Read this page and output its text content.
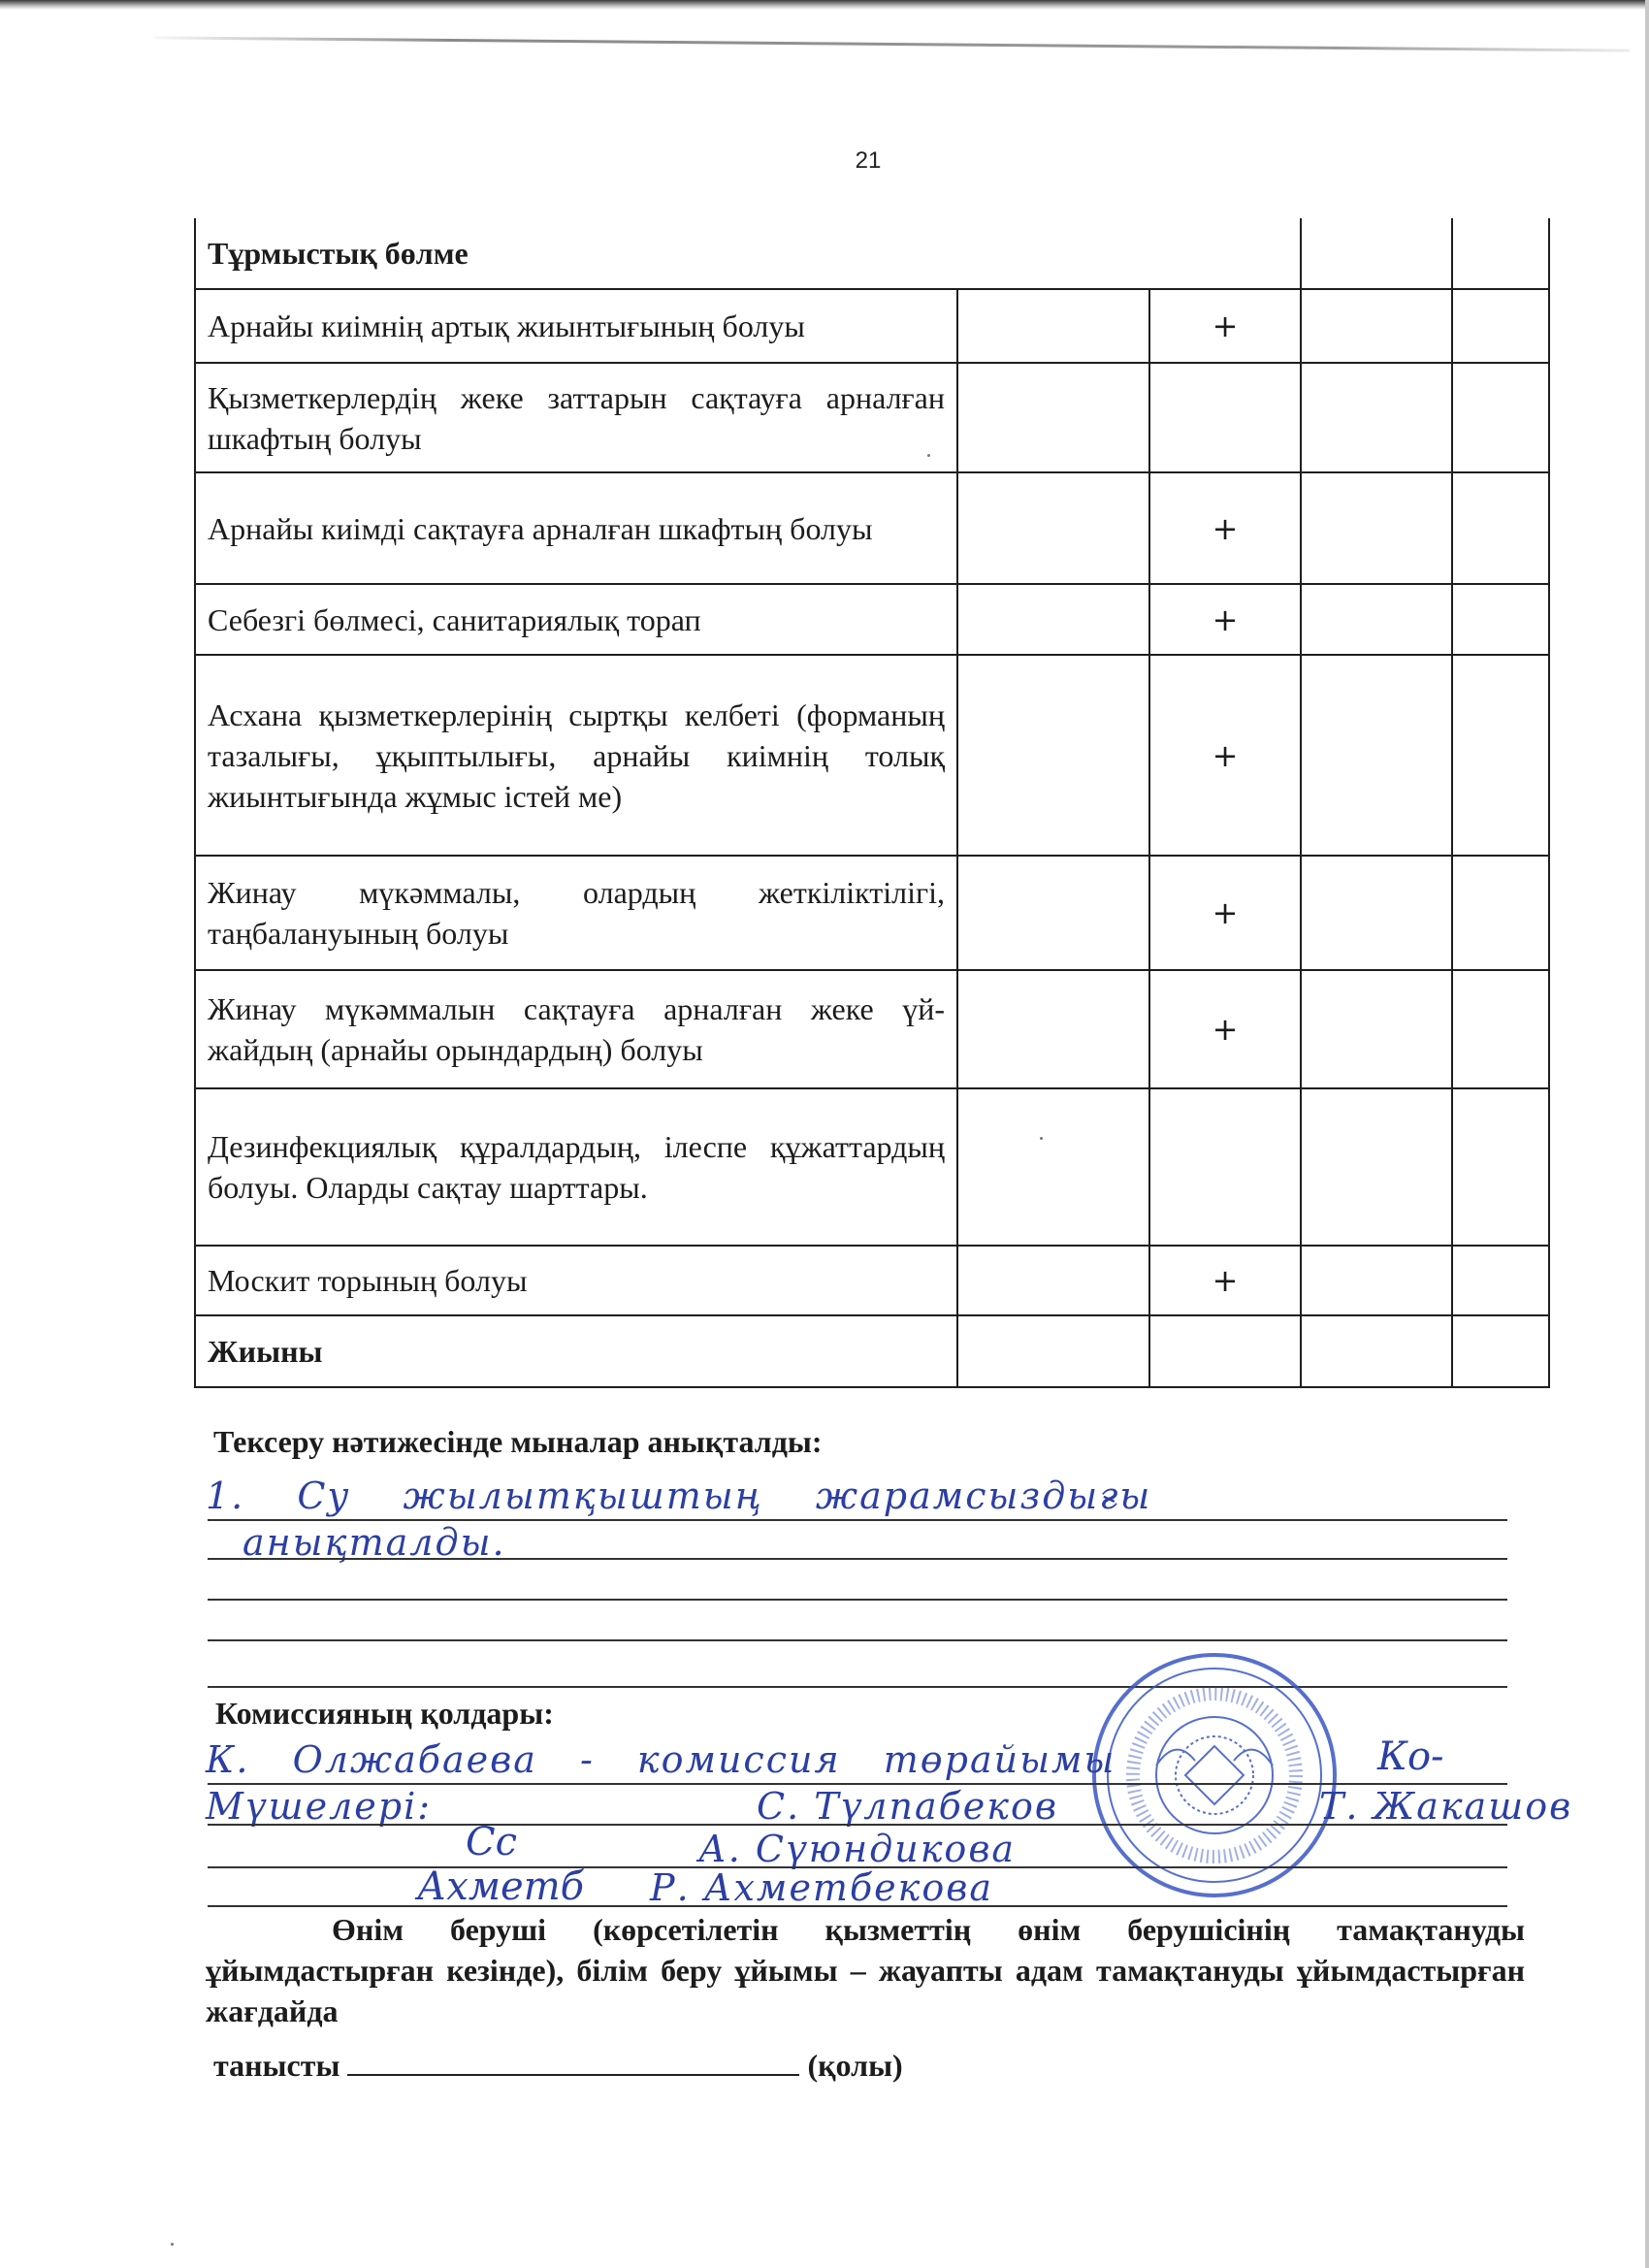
21
Тұрмыстық бөлме				
Арнайы киімнің артық жиынтығының болуы		+		
Қызметкерлердің жеке заттарын сақтауға арналған шкафтың болуы				
Арнайы киімді сақтауға арналған шкафтың болуы		+		
Себезгі бөлмесі, санитариялық торап		+		
Асхана қызметкерлерінің сыртқы келбеті (форманың тазалығы, ұқыптылығы, арнайы киімнің толық жиынтығында жұмыс істей ме)		+		
Жинау мүкәммалы, олардың жеткіліктілігі, таңбалануының болуы		+		
Жинау мүкәммалын сақтауға арналған жеке үй-жайдың (арнайы орындардың) болуы		+		
Дезинфекциялық құралдардың, ілеспе құжаттардың болуы. Оларды сақтау шарттары.				
Москит торының болуы		+		
Жиыны				
Тексеру нәтижесінде мыналар анықталды:
1. Су жылытқыштың жарамсыздығы
анықталды.
Комиссияның қолдары:
К. Олжабаева - комиссия төрайымы	Ко‑
Мүшелері:	С. Түлпабеков	Т. Жакашов
Сс	А. Сүюндикова
Ахметб Р. Ахметбекова
Өнім беруші (көрсетілетін қызметтің өнім берушісінің тамақтануды ұйымдастырған кезінде), білім беру ұйымы – жауапты адам тамақтануды ұйымдастырған жағдайда
танысты	(қолы)
